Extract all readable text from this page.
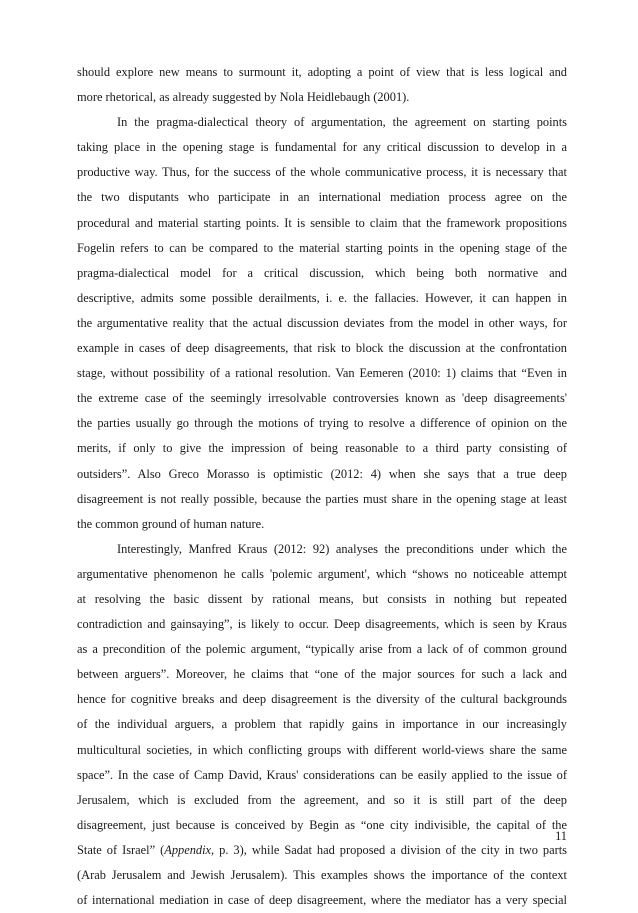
should explore new means to surmount it, adopting a point of view that is less logical and
more rhetorical, as already suggested by Nola Heidlebaugh (2001).
In the pragma-dialectical theory of argumentation, the agreement on starting points
taking place in the opening stage is fundamental for any critical discussion to develop in a
productive way. Thus, for the success of the whole communicative process, it is necessary that
the two disputants who participate in an international mediation process agree on the
procedural and material starting points. It is sensible to claim that the framework propositions
Fogelin refers to can be compared to the material starting points in the opening stage of the
pragma-dialectical model for a critical discussion, which being both normative and
descriptive, admits some possible derailments, i. e. the fallacies. However, it can happen in
the argumentative reality that the actual discussion deviates from the model in other ways, for
example in cases of deep disagreements, that risk to block the discussion at the confrontation
stage, without possibility of a rational resolution. Van Eemeren (2010: 1) claims that “Even in
the extreme case of the seemingly irresolvable controversies known as 'deep disagreements'
the parties usually go through the motions of trying to resolve a difference of opinion on the
merits, if only to give the impression of being reasonable to a third party consisting of
outsiders”. Also Greco Morasso is optimistic (2012: 4) when she says that a true deep
disagreement is not really possible, because the parties must share in the opening stage at least
the common ground of human nature.
Interestingly, Manfred Kraus (2012: 92) analyses the preconditions under which the
argumentative phenomenon he calls 'polemic argument', which “shows no noticeable attempt
at resolving the basic dissent by rational means, but consists in nothing but repeated
contradiction and gainsaying”, is likely to occur. Deep disagreements, which is seen by Kraus
as a precondition of the polemic argument, “typically arise from a lack of of common ground
between arguers”. Moreover, he claims that “one of the major sources for such a lack and
hence for cognitive breaks and deep disagreement is the diversity of the cultural backgrounds
of the individual arguers, a problem that rapidly gains in importance in our increasingly
multicultural societies, in which conflicting groups with different world-views share the same
space”. In the case of Camp David, Kraus' considerations can be easily applied to the issue of
Jerusalem, which is excluded from the agreement, and so it is still part of the deep
disagreement, just because is conceived by Begin as “one city indivisible, the capital of the
State of Israel” (Appendix, p. 3), while Sadat had proposed a division of the city in two parts
(Arab Jerusalem and Jewish Jerusalem). This examples shows the importance of the context
of international mediation in case of deep disagreement, where the mediator has a very special
11
